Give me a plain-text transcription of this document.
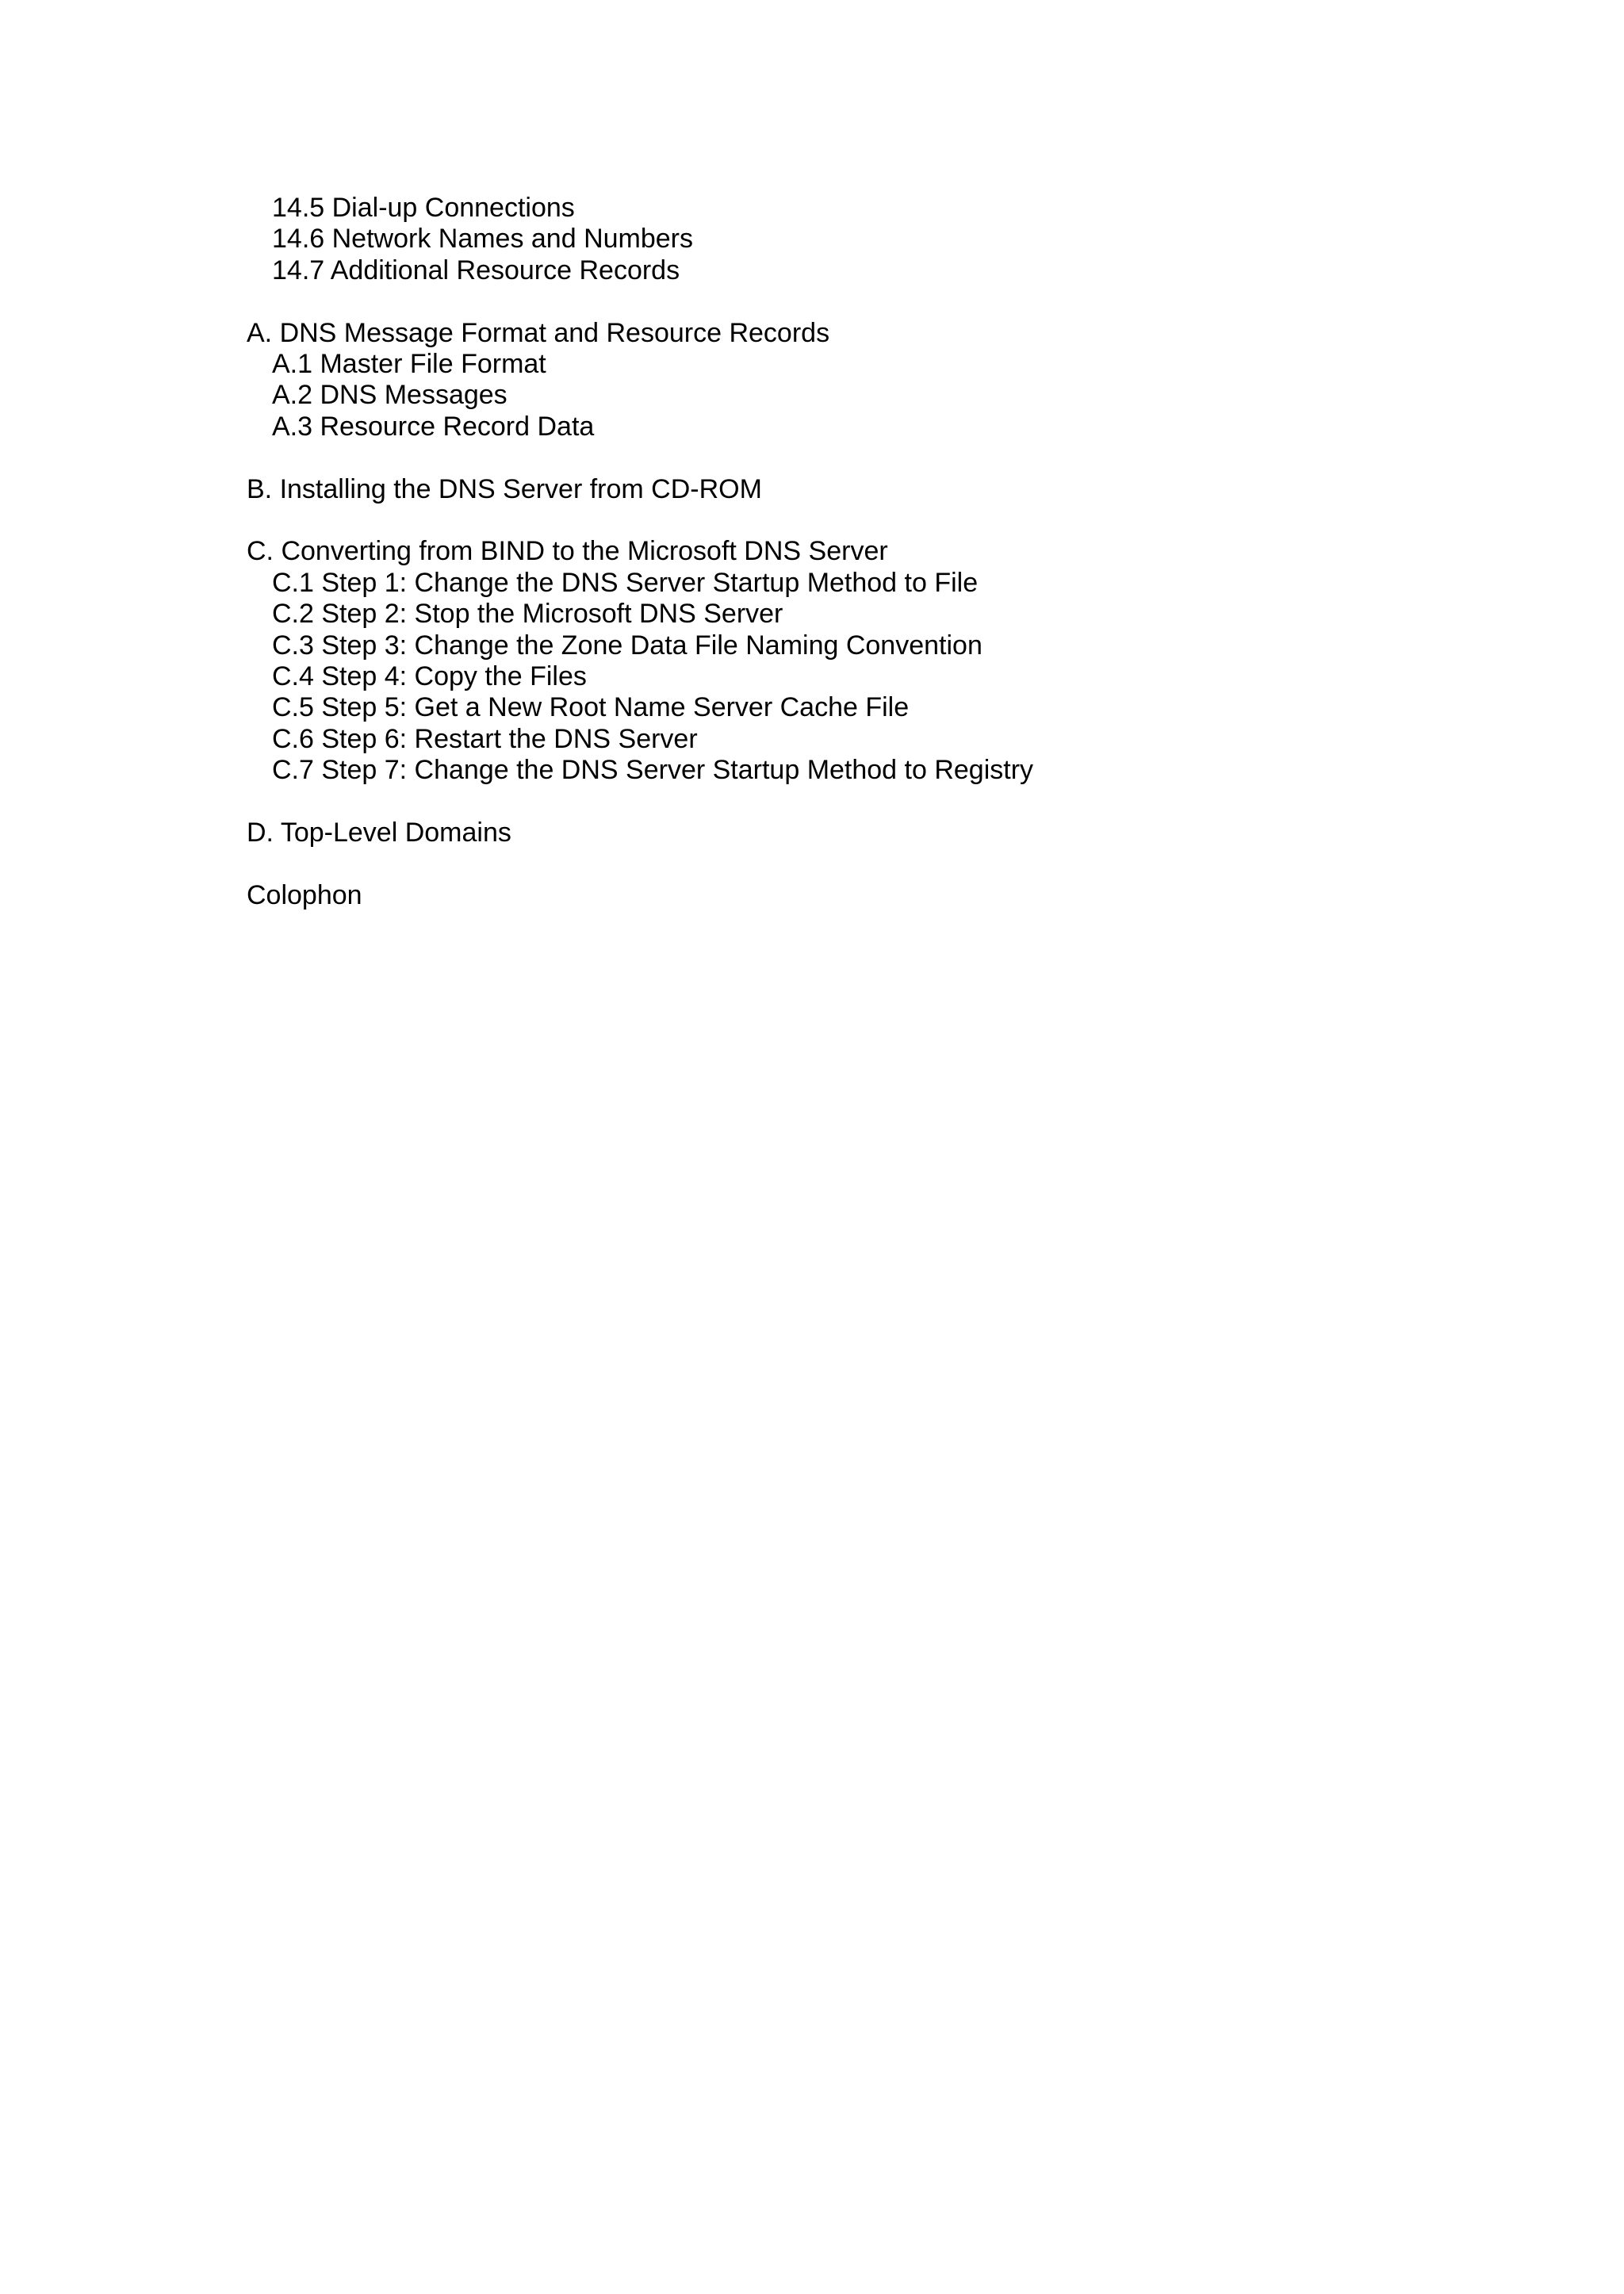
14.5 Dial-up Connections
14.6 Network Names and Numbers
14.7 Additional Resource Records
A. DNS Message Format and Resource Records
A.1 Master File Format
A.2 DNS Messages
A.3 Resource Record Data
B. Installing the DNS Server from CD-ROM
C. Converting from BIND to the Microsoft DNS Server
C.1 Step 1: Change the DNS Server Startup Method to File
C.2 Step 2: Stop the Microsoft DNS Server
C.3 Step 3: Change the Zone Data File Naming Convention
C.4 Step 4: Copy the Files
C.5 Step 5: Get a New Root Name Server Cache File
C.6 Step 6: Restart the DNS Server
C.7 Step 7: Change the DNS Server Startup Method to Registry
D. Top-Level Domains
Colophon
